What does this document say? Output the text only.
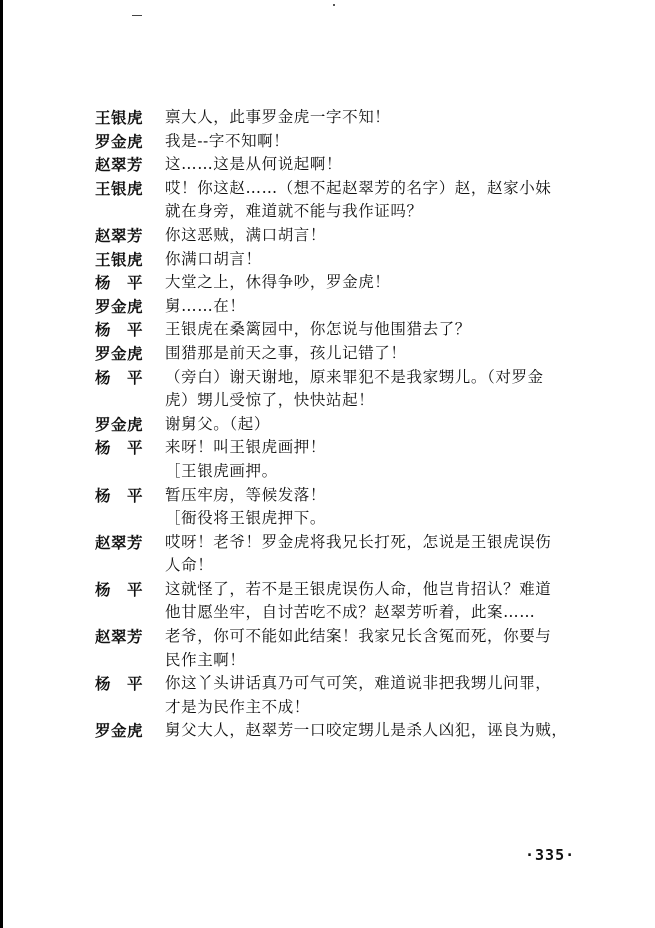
王银虎	禀大人，此事罗金虎一字不知！
罗金虎	我是--字不知啊！
赵翠芳	这……这是从何说起啊！
王银虎	哎！你这赵……（想不起赵翠芳的名字）赵，赵家小妹
就在身旁，难道就不能与我作证吗？
赵翠芳	你这恶贼，满口胡言！
王银虎	你满口胡言！
杨　平	大堂之上，休得争吵，罗金虎！
罗金虎	舅……在！
杨　平	王银虎在桑篱园中，你怎说与他围猎去了？
罗金虎	围猎那是前天之事，孩儿记错了！
杨　平	（旁白）谢天谢地，原来罪犯不是我家甥儿。（对罗金
虎）甥儿受惊了，快快站起！
罗金虎	谢舅父。（起）
杨　平	来呀！叫王银虎画押！
［王银虎画押。
杨　平	暂压牢房，等候发落！
［衙役将王银虎押下。
赵翠芳	哎呀！老爷！罗金虎将我兄长打死，怎说是王银虎误伤
人命！
杨　平	这就怪了，若不是王银虎误伤人命，他岂肯招认？难道
他甘愿坐牢，自讨苦吃不成？赵翠芳听着，此案……
赵翠芳	老爷，你可不能如此结案！我家兄长含冤而死，你要与
民作主啊！
杨　平	你这丫头讲话真乃可气可笑，难道说非把我甥儿问罪，
才是为民作主不成！
罗金虎	舅父大人，赵翠芳一口咬定甥儿是杀人凶犯，诬良为贼，
·335·
